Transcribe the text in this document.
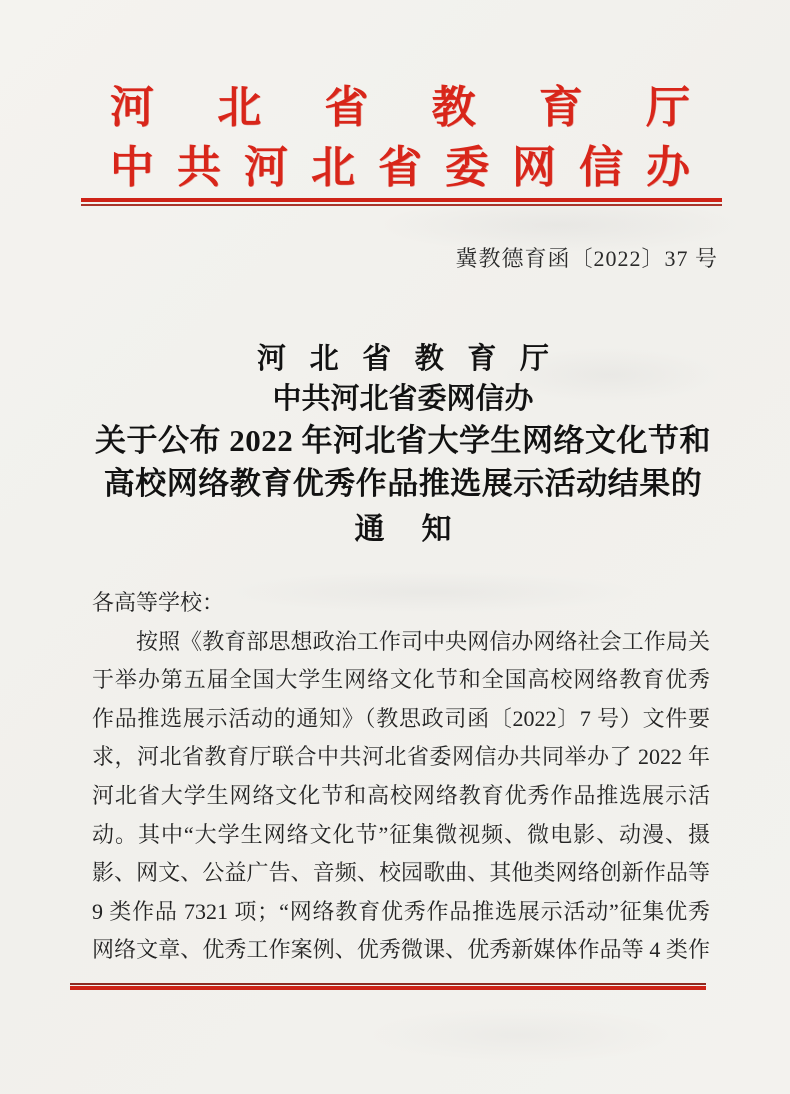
河 北 省 教 育 厅
中 共 河 北 省 委 网 信 办
冀教德育函〔2022〕37 号
河 北 省 教 育 厅
中共河北省委网信办
关于公布 2022 年河北省大学生网络文化节和
高校网络教育优秀作品推选展示活动结果的
通 知
各高等学校：
按照《教育部思想政治工作司中央网信办网络社会工作局关
于举办第五届全国大学生网络文化节和全国高校网络教育优秀
作品推选展示活动的通知》（教思政司函〔2022〕7 号）文件要
求，河北省教育厅联合中共河北省委网信办共同举办了 2022 年
河北省大学生网络文化节和高校网络教育优秀作品推选展示活
动。其中“大学生网络文化节”征集微视频、微电影、动漫、摄
影、网文、公益广告、音频、校园歌曲、其他类网络创新作品等
9 类作品 7321 项；“网络教育优秀作品推选展示活动”征集优秀
网络文章、优秀工作案例、优秀微课、优秀新媒体作品等 4 类作
